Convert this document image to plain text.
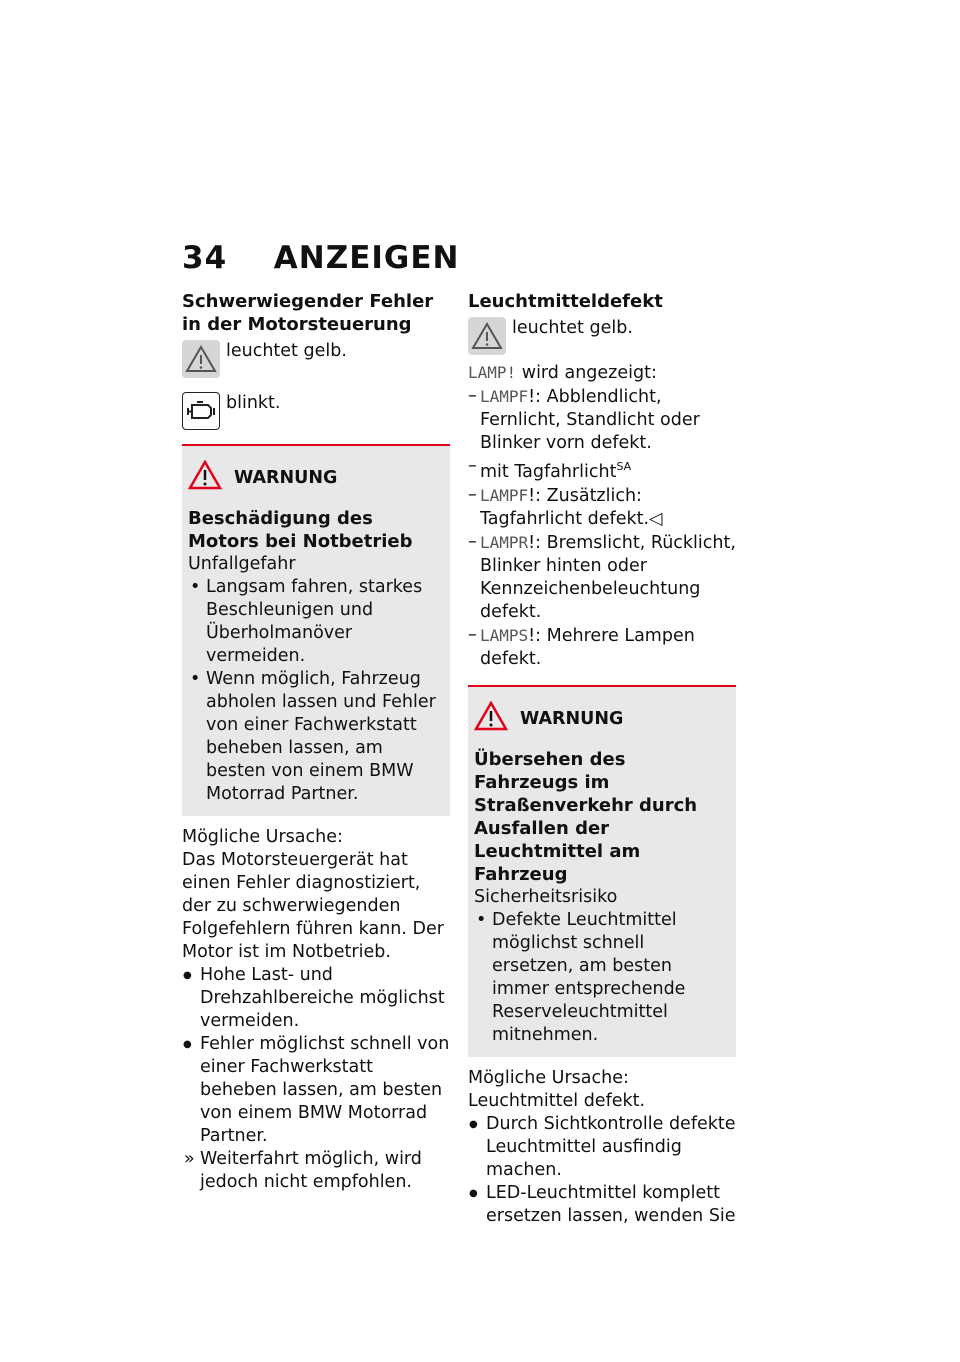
34 ANZEIGEN
Schwerwiegender Fehler in der Motorsteuerung
leuchtet gelb.
blinkt.
WARNUNG
Beschädigung des Motors bei Notbetrieb
Unfallgefahr
• Langsam fahren, starkes Beschleunigen und Überholmanöver vermeiden.
• Wenn möglich, Fahrzeug abholen lassen und Fehler von einer Fachwerkstatt beheben lassen, am besten von einem BMW Motorrad Partner.

Mögliche Ursache:

Das Motorsteuergerät hat einen Fehler diagnostiziert, der zu schwerwiegenden Folgefehlern führen kann. Der Motor ist im Notbetrieb.

● Hohe Last- und Drehzahlbereiche möglichst vermeiden.
● Fehler möglichst schnell von einer Fachwerkstatt beheben lassen, am besten von einem BMW Motorrad Partner.
» Weiterfahrt möglich, wird jedoch nicht empfohlen.
Leuchtmitteldefekt
leuchtet gelb.

LAMP! wird angezeigt:

– LAMPF!: Abblendlicht, Fernlicht, Standlicht oder Blinker vorn defekt.
– mit Tagfahrlicht$^{SA}$
– LAMPF!: Zusätzlich: Tagfahrlicht defekt.◁
– LAMPR!: Bremslicht, Rücklicht, Blinker hinten oder Kennzeichenbeleuchtung defekt.
– LAMPS!: Mehrere Lampen defekt.
WARNUNG
Übersehen des Fahrzeugs im Straßenverkehr durch Ausfallen der Leuchtmittel am Fahrzeug
Sicherheitsrisiko
• Defekte Leuchtmittel möglichst schnell ersetzen, am besten immer entsprechende Reserveleuchtmittel mitnehmen.

Mögliche Ursache:

Leuchtmittel defekt.

● Durch Sichtkontrolle defekte Leuchtmittel ausfindig machen.
● LED-Leuchtmittel komplett ersetzen lassen, wenden Sie
